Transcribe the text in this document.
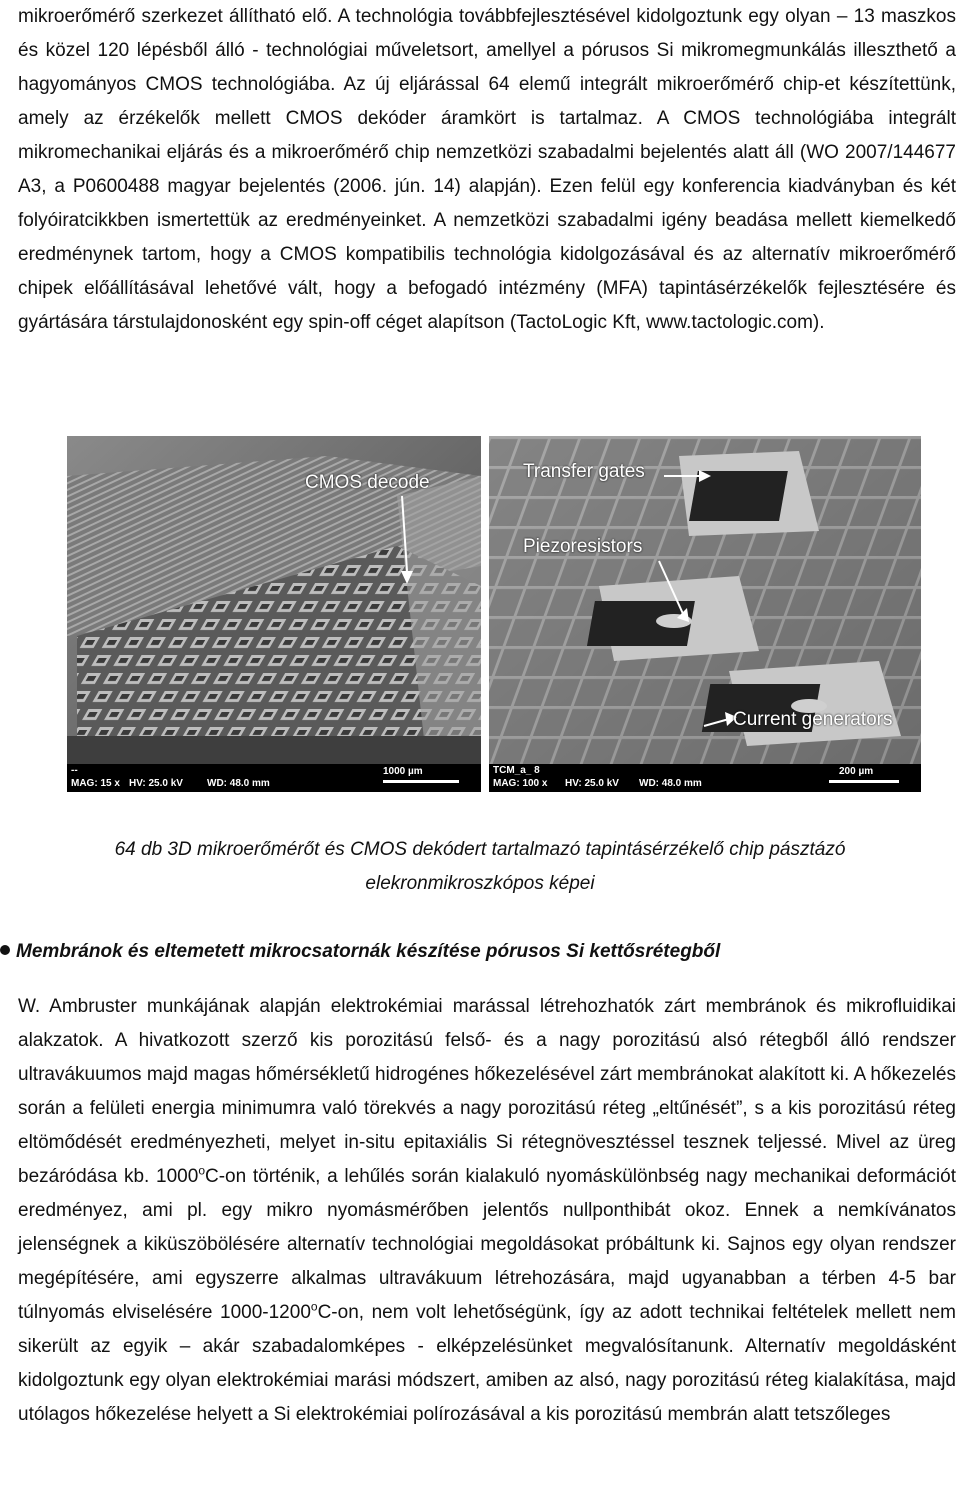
mikroerőmérő szerkezet állítható elő. A technológia továbbfejlesztésével kidolgoztunk egy olyan – 13 maszkos és közel 120 lépésből álló - technológiai műveletsort, amellyel a pórusos Si mikromegmunkálás illeszthető a hagyományos CMOS technológiába. Az új eljárással 64 elemű integrált mikroerőmérő chip-et készítettünk, amely az érzékelők mellett CMOS dekóder áramkört is tartalmaz. A CMOS technológiába integrált mikromechanikai eljárás és a mikroerőmérő chip nemzetközi szabadalmi bejelentés alatt áll (WO 2007/144677 A3, a P0600488 magyar bejelentés (2006. jún. 14) alapján). Ezen felül egy konferencia kiadványban és két folyóiratcikkben ismertettük az eredményeinket. A nemzetközi szabadalmi igény beadása mellett kiemelkedő eredménynek tartom, hogy a CMOS kompatibilis technológia kidolgozásával és az alternatív mikroerőmérő chipek előállításával lehetővé vált, hogy a befogadó intézmény (MFA) tapintásérzékelők fejlesztésére és gyártására társtulajdonosként egy spin-off céget alapítson (TactoLogic Kft, www.tactologic.com).

CMOS decode
--
MAG: 15 x HV: 25.0 kV WD: 48.0 mm
1000 µm
Transfer gates
Piezoresistors
Current generators
TCM_a_ 8
MAG: 100 x HV: 25.0 kV WD: 48.0 mm
200 µm
64 db 3D mikroerőmérőt és CMOS dekódert tartalmazó tapintásérzékelő chip pásztázó
elekronmikroszkópos képei
Membránok és eltemetett mikrocsatornák készítése pórusos Si kettősrétegből

W. Ambruster munkájának alapján elektrokémiai marással létrehozhatók zárt membránok és mikrofluidikai alakzatok. A hivatkozott szerző kis porozitású felső- és a nagy porozitású alsó rétegből álló rendszer ultravákuumos majd magas hőmérsékletű hidrogénes hőkezelésével zárt membránokat alakított ki. A hőkezelés során a felületi energia minimumra való törekvés a nagy porozitású réteg „eltűnését”, s a kis porozitású réteg eltömődését eredményezheti, melyet in-situ epitaxiális Si rétegnövesztéssel tesznek teljessé. Mivel az üreg bezáródása kb. 1000$^o$C-on történik, a lehűlés során kialakuló nyomáskülönbség nagy mechanikai deformációt eredményez, ami pl. egy mikro nyomásmérőben jelentős nullponthibát okoz. Ennek a nemkívánatos jelenségnek a kiküszöbölésére alternatív technológiai megoldásokat próbáltunk ki. Sajnos egy olyan rendszer megépítésére, ami egyszerre alkalmas ultravákuum létrehozására, majd ugyanabban a térben 4-5 bar túlnyomás elviselésére 1000-1200$^o$C-on, nem volt lehetőségünk, így az adott technikai feltételek mellett nem sikerült az egyik – akár szabadalomképes - elképzelésünket megvalósítanunk. Alternatív megoldásként kidolgoztunk egy olyan elektrokémiai marási módszert, amiben az alsó, nagy porozitású réteg kialakítása, majd utólagos hőkezelése helyett a Si elektrokémiai polírozásával a kis porozitású membrán alatt tetszőleges
